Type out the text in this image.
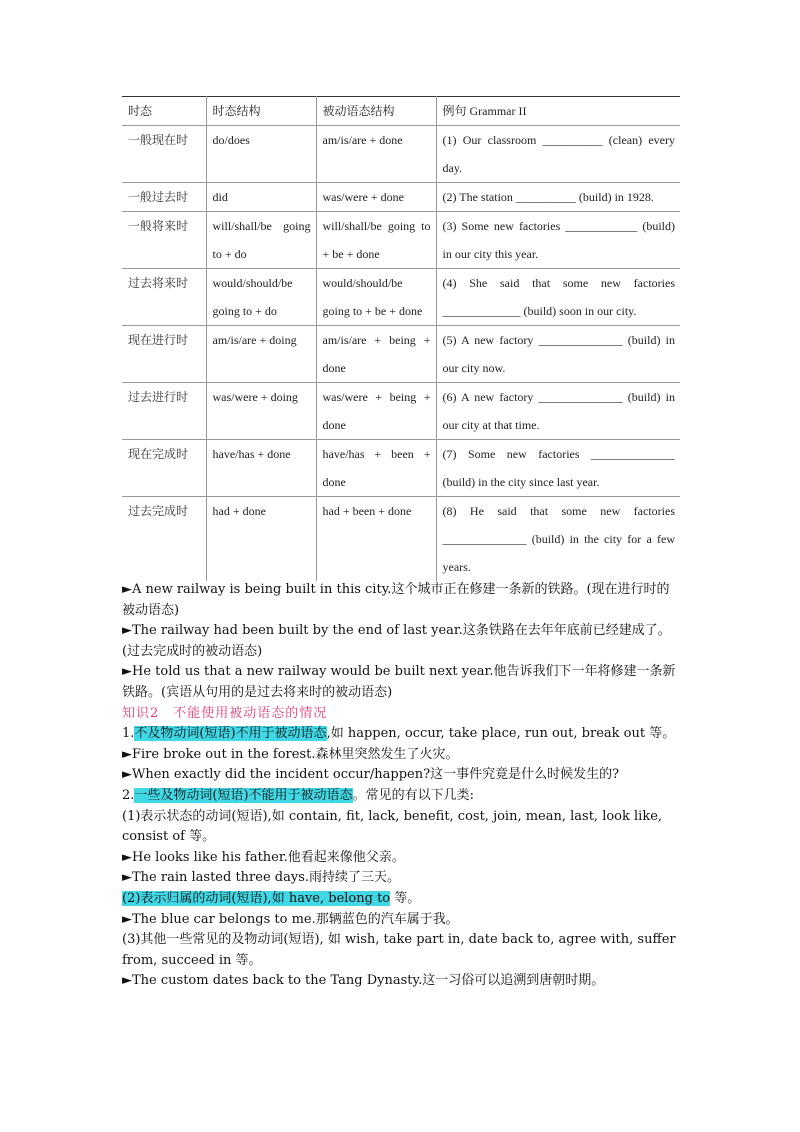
时态	时态结构	被动语态结构	例句 Grammar II
一般现在时	do/does	am/is/are + done	(1) Our classroom __________ (clean) every day.
一般过去时	did	was/were + done	(2) The station __________ (build) in 1928.
一般将来时	will/shall/be going to + do	will/shall/be going to + be + done	(3) Some new factories ____________ (build) in our city this year.
过去将来时	would/should/be going to + do	would/should/be going to + be + done	(4) She said that some new factories _____________ (build) soon in our city.
现在进行时	am/is/are + doing	am/is/are + being + done	(5) A new factory ______________ (build) in our city now.
过去进行时	was/were + doing	was/were + being + done	(6) A new factory ______________ (build) in our city at that time.
现在完成时	have/has + done	have/has + been + done	(7) Some new factories ______________ (build) in the city since last year.
过去完成时	had + done	had + been + done	(8) He said that some new factories ______________ (build) in the city for a few years.

►A new railway is being built in this city.这个城市正在修建一条新的铁路。(现在进行时的被动语态)

►The railway had been built by the end of last year.这条铁路在去年年底前已经建成了。(过去完成时的被动语态)

►He told us that a new railway would be built next year.他告诉我们下一年将修建一条新铁路。(宾语从句用的是过去将来时的被动语态)

知识2　不能使用被动语态的情况

1.不及物动词(短语)不用于被动语态,如 happen, occur, take place, run out, break out 等。

►Fire broke out in the forest.森林里突然发生了火灾。

►When exactly did the incident occur/happen?这一事件究竟是什么时候发生的?

2.一些及物动词(短语)不能用于被动语态。常见的有以下几类:

(1)表示状态的动词(短语),如 contain, fit, lack, benefit, cost, join, mean, last, look like, consist of 等。

►He looks like his father.他看起来像他父亲。

►The rain lasted three days.雨持续了三天。

(2)表示归属的动词(短语),如 have, belong to 等。

►The blue car belongs to me.那辆蓝色的汽车属于我。

(3)其他一些常见的及物动词(短语), 如 wish, take part in, date back to, agree with, suffer from, succeed in 等。

►The custom dates back to the Tang Dynasty.这一习俗可以追溯到唐朝时期。
